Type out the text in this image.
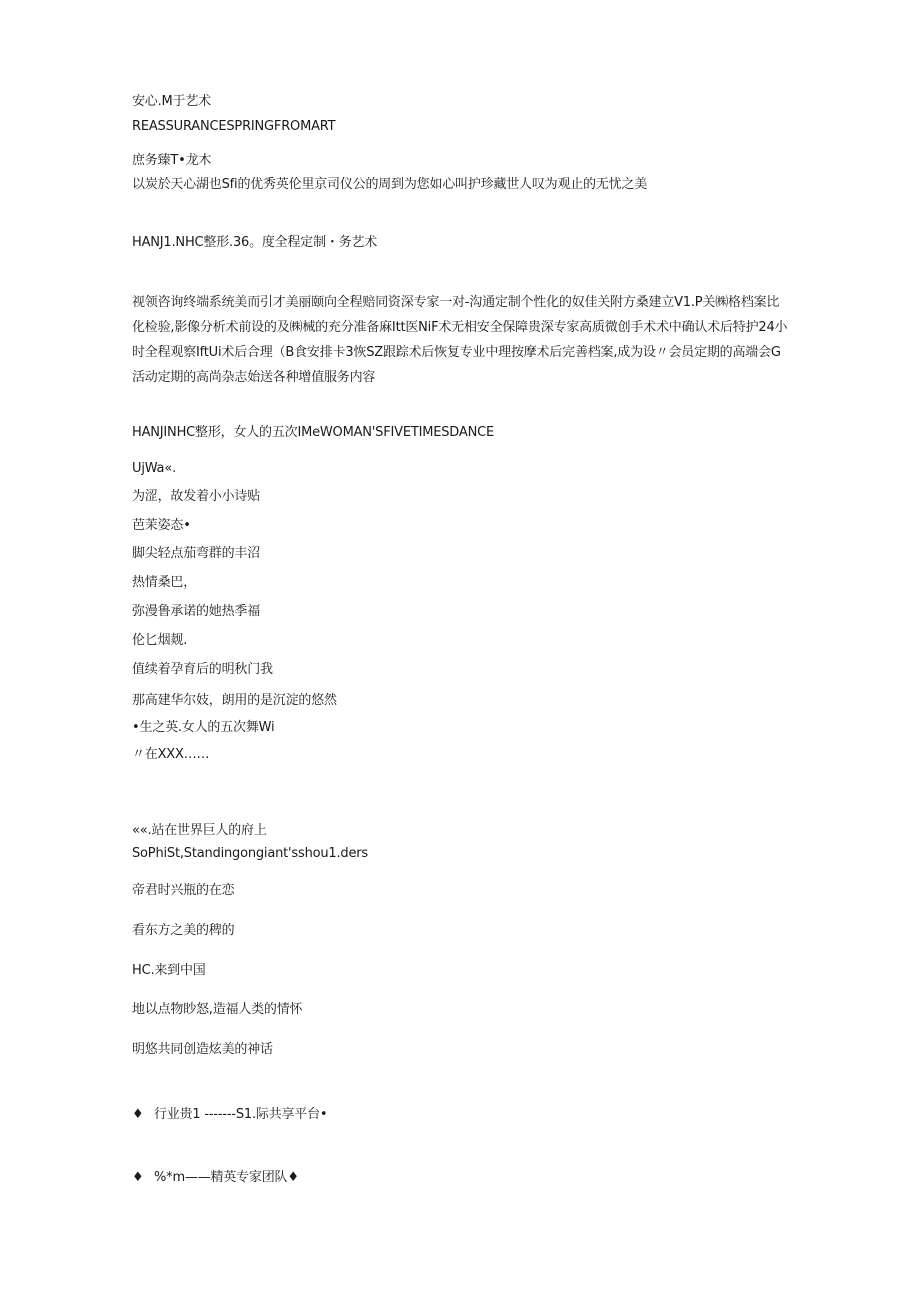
安心.M于艺术
REASSURANCESPRINGFROMART
庶务臻T•龙木
以炭於天心湖也Sfi的优秀英伦里京司仪公的周到为您如心叫护珍藏世人叹为观止的无忧之美
HANJ1.NHC整形.36。度全程定制・务艺术

视领咨询终端系统美而引才美丽颐向全程赔同资深专家一对-沟通定制个性化的奴佳关附方桑建立V1.P关㈱格档案比化检验,影像分析术前设的及㈱械的充分准备麻Itt医NiF术无相安全保障贵深专家高质微创手术术中确认术后特护24小时全程观察IftUi术后合理（B食安排卡3恢SZ跟踪术后恢复专业中理按摩术后完善档案,成为设〃会员定期的高端会G活动定期的高尚杂志始送各种增值服务内容

HANJINHC整形，女人的五次IMeWOMAN'SFIVETIMESDANCE
UjWa«.
为涩，故发着小小诗贴
芭茉姿态•
脚尖轻点茄弯群的丰沼
热情桑巴，
弥漫鲁承诺的她热季福
伦匕烟觌.
值续着孕育后的明秋门我
那高建华尔妓，朗用的是沉淀的悠然
•生之英.女人的五次舞Wi
〃在XXX……
««.站在世界巨人的府上
SoPhiSt,Standingongiant'sshou1.ders
帝君时兴瓶的在恋
看东方之美的稗的
HC.来到中国
地以点物眇怒,造福人类的情怀
明悠共同创造炫美的神话
♦ 行业贵1 -------S1.际共享平台•
♦ %*m——精英专家团队♦
